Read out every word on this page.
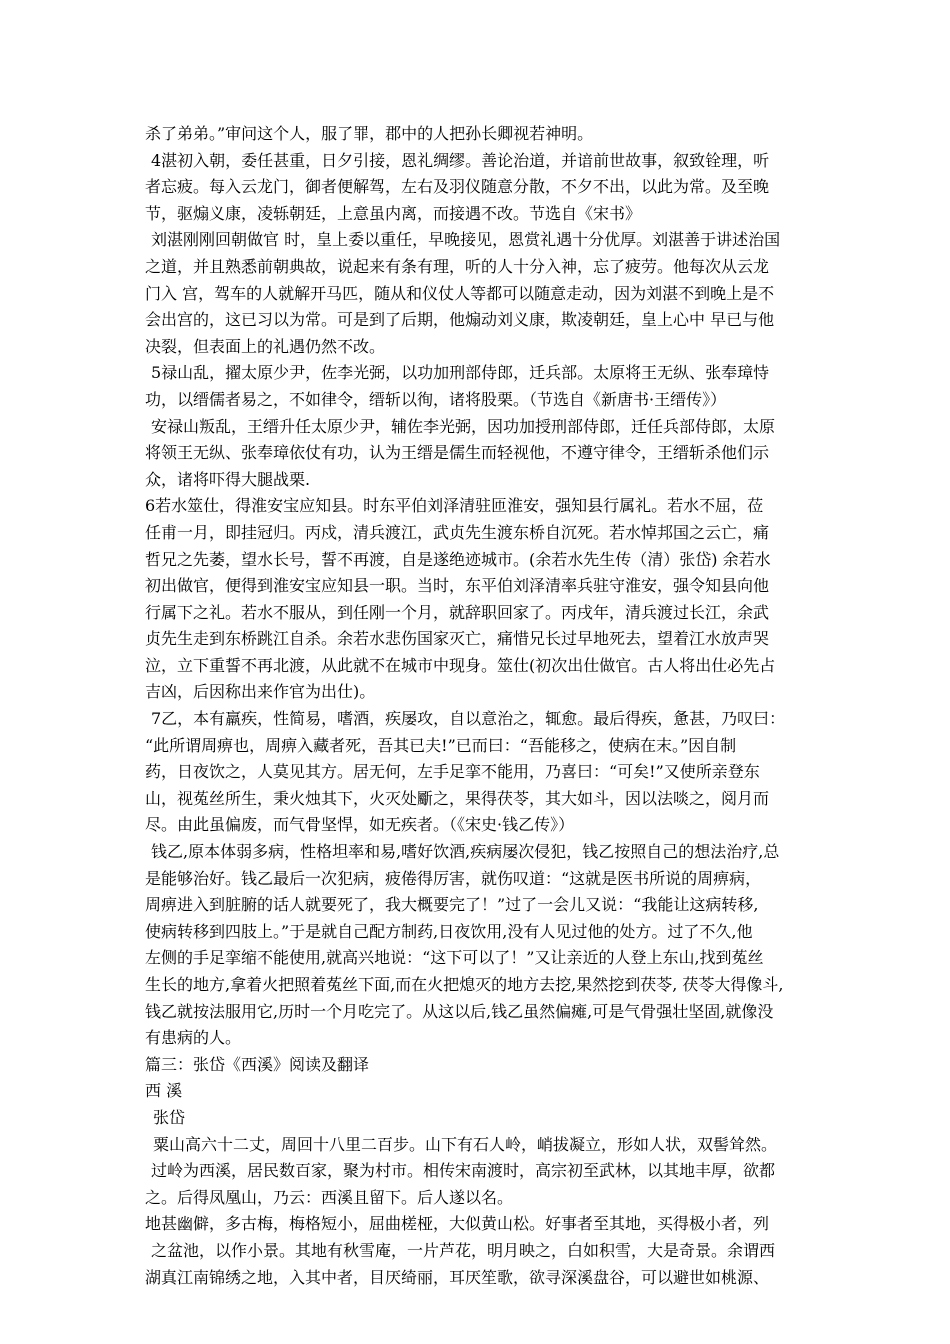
杀了弟弟。”审问这个人，服了罪，郡中的人把孙长卿视若神明。
4湛初入朝，委任甚重，日夕引接，恩礼绸缪。善论治道，并谙前世故事，叙致铨理，听
者忘疲。每入云龙门，御者便解驾，左右及羽仪随意分散，不夕不出，以此为常。及至晚
节，驱煽义康，凌轹朝廷，上意虽内离，而接遇不改。节选自《宋书》
刘湛刚刚回朝做官 时，皇上委以重任，早晚接见，恩赏礼遇十分优厚。刘湛善于讲述治国
之道，并且熟悉前朝典故，说起来有条有理，听的人十分入神，忘了疲劳。他每次从云龙
门入 宫，驾车的人就解开马匹，随从和仪仗人等都可以随意走动，因为刘湛不到晚上是不
会出宫的，这已习以为常。可是到了后期，他煽动刘义康，欺凌朝廷，皇上心中 早已与他
决裂，但表面上的礼遇仍然不改。
5禄山乱，擢太原少尹，佐李光弼，以功加刑部侍郎，迁兵部。太原将王无纵、张奉璋恃
功，以缙儒者易之，不如律令，缙斩以徇，诸将股栗。（节选自《新唐书·王缙传》）
安禄山叛乱，王缙升任太原少尹，辅佐李光弼，因功加授刑部侍郎，迁任兵部侍郎，太原
将领王无纵、张奉璋依仗有功，认为王缙是儒生而轻视他，不遵守律令，王缙斩杀他们示
众，诸将吓得大腿战栗.
6若水筮仕，得淮安宝应知县。时东平伯刘泽清驻匝淮安，强知县行属礼。若水不屈，莅
任甫一月，即挂冠归。丙戍，清兵渡江，武贞先生渡东桥自沉死。若水悼邦国之云亡，痛
哲兄之先萎，望水长号，誓不再渡，自是遂绝迹城市。(余若水先生传（清）张岱) 余若水
初出做官，便得到淮安宝应知县一职。当时，东平伯刘泽清率兵驻守淮安，强令知县向他
行属下之礼。若水不服从，到任刚一个月，就辞职回家了。丙戌年，清兵渡过长江，余武
贞先生走到东桥跳江自杀。余若水悲伤国家灭亡，痛惜兄长过早地死去，望着江水放声哭
泣，立下重誓不再北渡，从此就不在城市中现身。筮仕(初次出仕做官。古人将出仕必先占
吉凶，后因称出来作官为出仕)。
7乙，本有羸疾，性简易，嗜酒，疾屡攻，自以意治之，辄愈。最后得疾，惫甚，乃叹曰：
“此所谓周痹也，周痹入藏者死，吾其已夫!”已而曰：“吾能移之，使病在末。”因自制
药，日夜饮之，人莫见其方。居无何，左手足挛不能用，乃喜曰：“可矣!”又使所亲登东
山，视菟丝所生，秉火烛其下，火灭处斸之，果得茯苓，其大如斗，因以法啖之，阅月而
尽。由此虽偏废，而气骨坚悍，如无疾者。（《宋史·钱乙传》）
钱乙,原本体弱多病，性格坦率和易,嗜好饮酒,疾病屡次侵犯，钱乙按照自己的想法治疗,总
是能够治好。钱乙最后一次犯病，疲倦得厉害，就伤叹道：“这就是医书所说的周痹病，
周痹进入到脏腑的话人就要死了，我大概要完了！”过了一会儿又说：“我能让这病转移,
使病转移到四肢上。”于是就自己配方制药,日夜饮用,没有人见过他的处方。过了不久,他
左侧的手足挛缩不能使用,就高兴地说：“这下可以了！”又让亲近的人登上东山,找到菟丝
生长的地方,拿着火把照着菟丝下面,而在火把熄灭的地方去挖,果然挖到茯苓, 茯苓大得像斗,
钱乙就按法服用它,历时一个月吃完了。从这以后,钱乙虽然偏瘫,可是气骨强壮坚固,就像没
有患病的人。
篇三：张岱《西溪》阅读及翻译
西 溪
张岱
粟山高六十二丈，周回十八里二百步。山下有石人岭，峭拔凝立，形如人状，双髻耸然。
过岭为西溪，居民数百家，聚为村市。相传宋南渡时，高宗初至武林，以其地丰厚，欲都
之。后得凤凰山，乃云：西溪且留下。后人遂以名。
地甚幽僻，多古梅，梅格短小，屈曲槎桠，大似黄山松。好事者至其地，买得极小者，列
之盆池，以作小景。其地有秋雪庵，一片芦花，明月映之，白如积雪，大是奇景。余谓西
湖真江南锦绣之地，入其中者，目厌绮丽，耳厌笙歌，欲寻深溪盘谷，可以避世如桃源、
